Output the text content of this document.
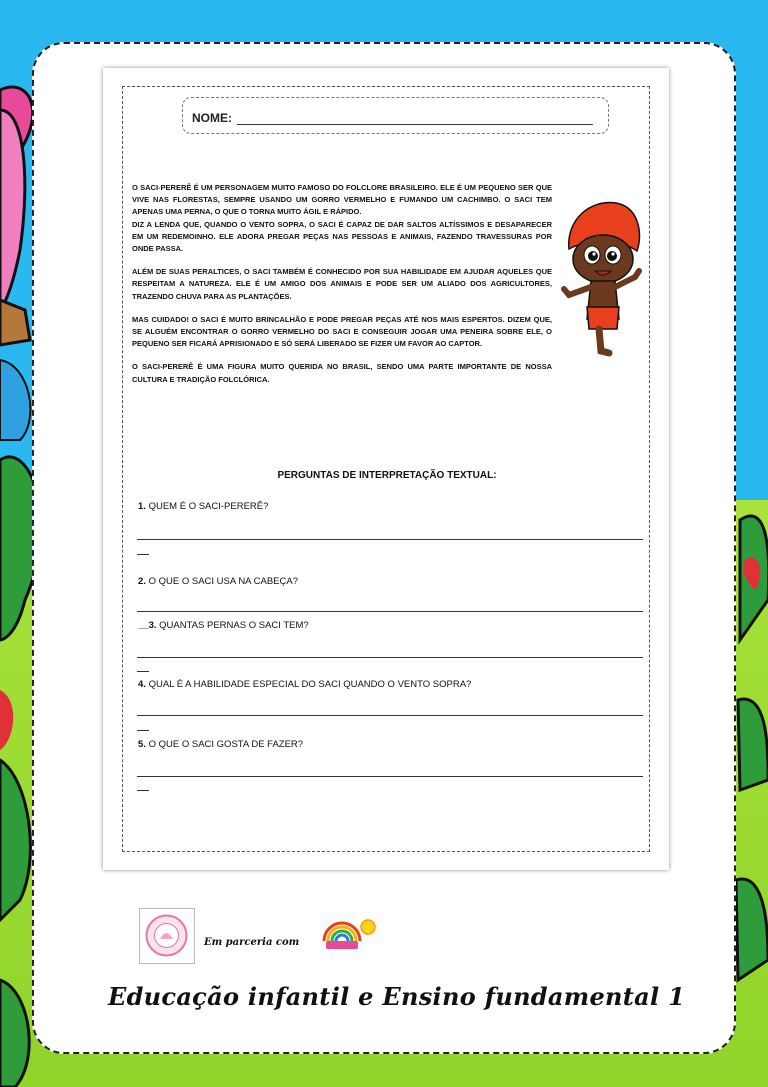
NOME:

O SACI-PERERÊ É UM PERSONAGEM MUITO FAMOSO DO FOLCLORE BRASILEIRO. ELE É UM PEQUENO SER QUE VIVE NAS FLORESTAS, SEMPRE USANDO UM GORRO VERMELHO E FUMANDO UM CACHIMBO. O SACI TEM APENAS UMA PERNA, O QUE O TORNA MUITO ÁGIL E RÁPIDO.

DIZ A LENDA QUE, QUANDO O VENTO SOPRA, O SACI É CAPAZ DE DAR SALTOS ALTÍSSIMOS E DESAPARECER EM UM REDEMOINHO. ELE ADORA PREGAR PEÇAS NAS PESSOAS E ANIMAIS, FAZENDO TRAVESSURAS POR ONDE PASSA.

ALÉM DE SUAS PERALTICES, O SACI TAMBÉM É CONHECIDO POR SUA HABILIDADE EM AJUDAR AQUELES QUE RESPEITAM A NATUREZA. ELE É UM AMIGO DOS ANIMAIS E PODE SER UM ALIADO DOS AGRICULTORES, TRAZENDO CHUVA PARA AS PLANTAÇÕES.

MAS CUIDADO! O SACI É MUITO BRINCALHÃO E PODE PREGAR PEÇAS ATÉ NOS MAIS ESPERTOS. DIZEM QUE, SE ALGUÉM ENCONTRAR O GORRO VERMELHO DO SACI E CONSEGUIR JOGAR UMA PENEIRA SOBRE ELE, O PEQUENO SER FICARÁ APRISIONADO E SÓ SERÁ LIBERADO SE FIZER UM FAVOR AO CAPTOR.

O SACI-PERERÊ É UMA FIGURA MUITO QUERIDA NO BRASIL, SENDO UMA PARTE IMPORTANTE DE NOSSA CULTURA E TRADIÇÃO FOLCLÓRICA.

PERGUNTAS DE INTERPRETAÇÃO TEXTUAL:
1. QUEM É O SACI-PERERÊ?
2. O QUE O SACI USA NA CABEÇA?
__3. QUANTAS PERNAS O SACI TEM?
4. QUAL É A HABILIDADE ESPECIAL DO SACI QUANDO O VENTO SOPRA?
5. O QUE O SACI GOSTA DE FAZER?
Em parceria com
Educação infantil e Ensino fundamental 1
